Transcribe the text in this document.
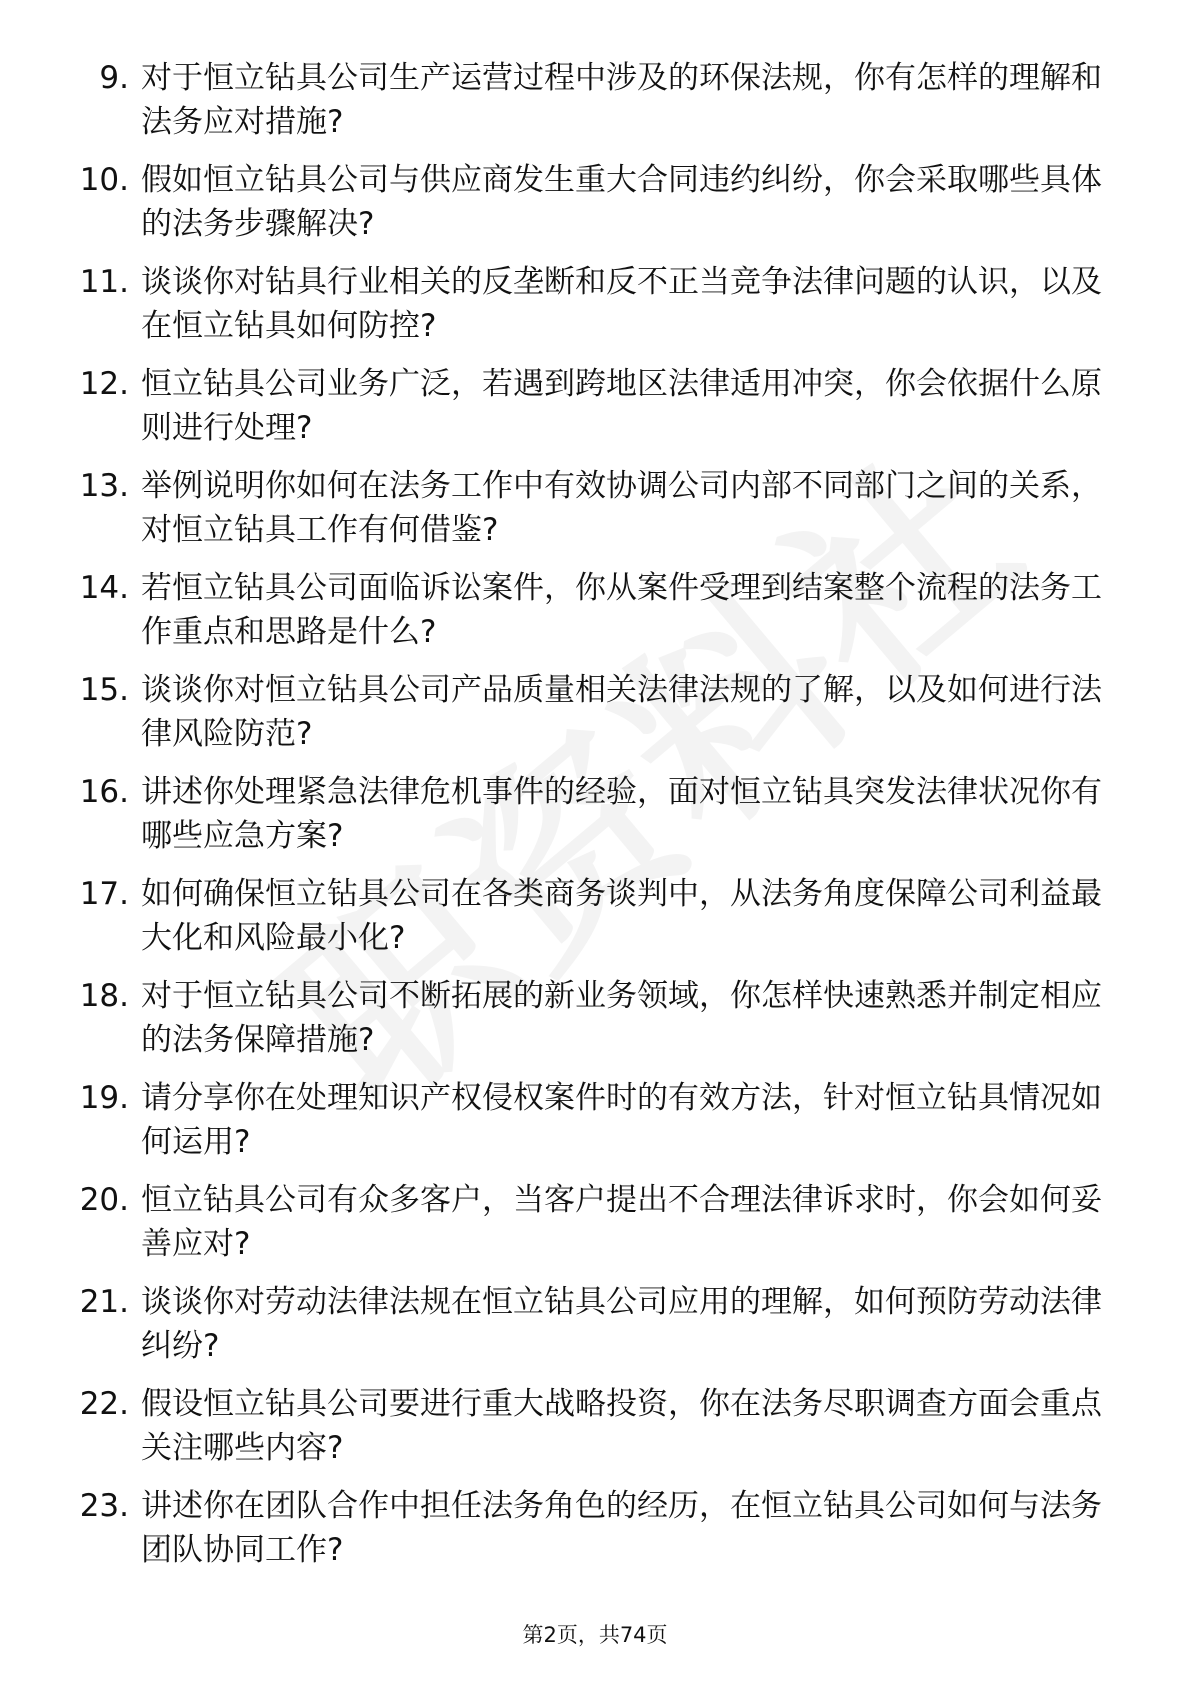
9. 对于恒立钻具公司生产运营过程中涉及的环保法规，你有怎样的理解和法务应对措施?
10. 假如恒立钻具公司与供应商发生重大合同违约纠纷，你会采取哪些具体的法务步骤解决?
11. 谈谈你对钻具行业相关的反垄断和反不正当竞争法律问题的认识，以及在恒立钻具如何防控?
12. 恒立钻具公司业务广泛，若遇到跨地区法律适用冲突，你会依据什么原则进行处理?
13. 举例说明你如何在法务工作中有效协调公司内部不同部门之间的关系，对恒立钻具工作有何借鉴?
14. 若恒立钻具公司面临诉讼案件，你从案件受理到结案整个流程的法务工作重点和思路是什么?
15. 谈谈你对恒立钻具公司产品质量相关法律法规的了解，以及如何进行法律风险防范?
16. 讲述你处理紧急法律危机事件的经验，面对恒立钻具突发法律状况你有哪些应急方案?
17. 如何确保恒立钻具公司在各类商务谈判中，从法务角度保障公司利益最大化和风险最小化?
18. 对于恒立钻具公司不断拓展的新业务领域，你怎样快速熟悉并制定相应的法务保障措施?
19. 请分享你在处理知识产权侵权案件时的有效方法，针对恒立钻具情况如何运用?
20. 恒立钻具公司有众多客户，当客户提出不合理法律诉求时，你会如何妥善应对?
21. 谈谈你对劳动法律法规在恒立钻具公司应用的理解，如何预防劳动法律纠纷?
22. 假设恒立钻具公司要进行重大战略投资，你在法务尽职调查方面会重点关注哪些内容?
23. 讲述你在团队合作中担任法务角色的经历，在恒立钻具公司如何与法务团队协同工作?
第2页，共74页
